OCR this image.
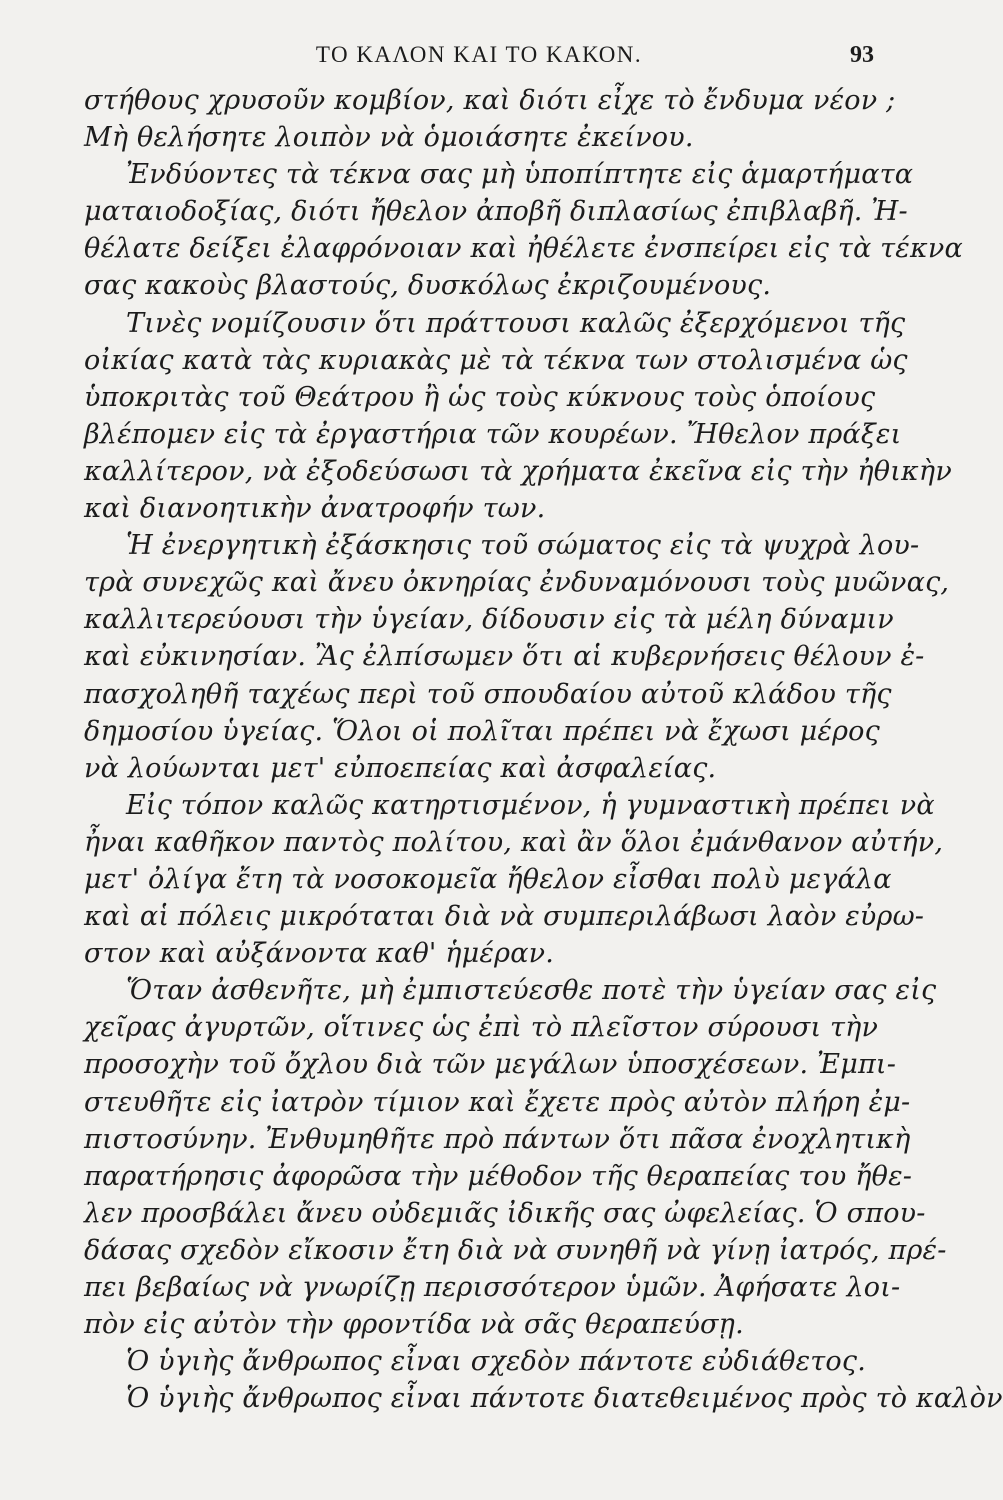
ΤΟ ΚΑΛΟΝ ΚΑΙ ΤΟ ΚΑΚΟΝ.	93
στήθους χρυσοῦν κομβίον, καὶ διότι εἶχε τὸ ἔνδυμα νέον ;
Μὴ θελήσητε λοιπὸν νὰ ὁμοιάσητε ἐκείνου.
Ἐνδύοντες τὰ τέκνα σας μὴ ὑποπίπτητε εἰς ἁμαρτήματα
ματαιοδοξίας, διότι ἤθελον ἀποβῆ διπλασίως ἐπιβλαβῆ. Ἠ-
θέλατε δείξει ἐλαφρόνοιαν καὶ ἠθέλετε ἐνσπείρει εἰς τὰ τέκνα
σας κακοὺς βλαστούς, δυσκόλως ἐκριζουμένους.
Τινὲς νομίζουσιν ὅτι πράττουσι καλῶς ἐξερχόμενοι τῆς
οἰκίας κατὰ τὰς κυριακὰς μὲ τὰ τέκνα των στολισμένα ὡς
ὑποκριτὰς τοῦ Θεάτρου ἢ ὡς τοὺς κύκνους τοὺς ὁποίους
βλέπομεν εἰς τὰ ἐργαστήρια τῶν κουρέων. Ἤθελον πράξει
καλλίτερον, νὰ ἐξοδεύσωσι τὰ χρήματα ἐκεῖνα εἰς τὴν ἠθικὴν
καὶ διανοητικὴν ἀνατροφήν των.
Ἡ ἐνεργητικὴ ἐξάσκησις τοῦ σώματος εἰς τὰ ψυχρὰ λου-
τρὰ συνεχῶς καὶ ἄνευ ὀκνηρίας ἐνδυναμόνουσι τοὺς μυῶνας,
καλλιτερεύουσι τὴν ὑγείαν, δίδουσιν εἰς τὰ μέλη δύναμιν
καὶ εὐκινησίαν. Ἂς ἐλπίσωμεν ὅτι αἱ κυβερνήσεις θέλουν ἐ-
πασχοληθῆ ταχέως περὶ τοῦ σπουδαίου αὐτοῦ κλάδου τῆς
δημοσίου ὑγείας. Ὅλοι οἱ πολῖται πρέπει νὰ ἔχωσι μέρος
νὰ λούωνται μετ' εὐποεπείας καὶ ἀσφαλείας.
Εἰς τόπον καλῶς κατηρτισμένον, ἡ γυμναστικὴ πρέπει νὰ
ἦναι καθῆκον παντὸς πολίτου, καὶ ἂν ὅλοι ἐμάνθανον αὐτήν,
μετ' ὀλίγα ἔτη τὰ νοσοκομεῖα ἤθελον εἶσθαι πολὺ μεγάλα
καὶ αἱ πόλεις μικρόταται διὰ νὰ συμπεριλάβωσι λαὸν εὐρω-
στον καὶ αὐξάνοντα καθ' ἡμέραν.
Ὅταν ἀσθενῆτε, μὴ ἐμπιστεύεσθε ποτὲ τὴν ὑγείαν σας εἰς
χεῖρας ἀγυρτῶν, οἵτινες ὡς ἐπὶ τὸ πλεῖστον σύρουσι τὴν
προσοχὴν τοῦ ὄχλου διὰ τῶν μεγάλων ὑποσχέσεων. Ἐμπι-
στευθῆτε εἰς ἰατρὸν τίμιον καὶ ἔχετε πρὸς αὐτὸν πλήρη ἐμ-
πιστοσύνην. Ἐνθυμηθῆτε πρὸ πάντων ὅτι πᾶσα ἐνοχλητικὴ
παρατήρησις ἀφορῶσα τὴν μέθοδον τῆς θεραπείας του ἤθε-
λεν προσβάλει ἄνευ οὐδεμιᾶς ἰδικῆς σας ὠφελείας. Ὁ σπου-
δάσας σχεδὸν εἴκοσιν ἔτη διὰ νὰ συνηθῆ νὰ γίνῃ ἰατρός, πρέ-
πει βεβαίως νὰ γνωρίζῃ περισσότερον ὑμῶν. Ἀφήσατε λοι-
πὸν εἰς αὐτὸν τὴν φροντίδα νὰ σᾶς θεραπεύσῃ.
Ὁ ὑγιὴς ἄνθρωπος εἶναι σχεδὸν πάντοτε εὐδιάθετος.
Ὁ ὑγιὴς ἄνθρωπος εἶναι πάντοτε διατεθειμένος πρὸς τὸ καλὸν
